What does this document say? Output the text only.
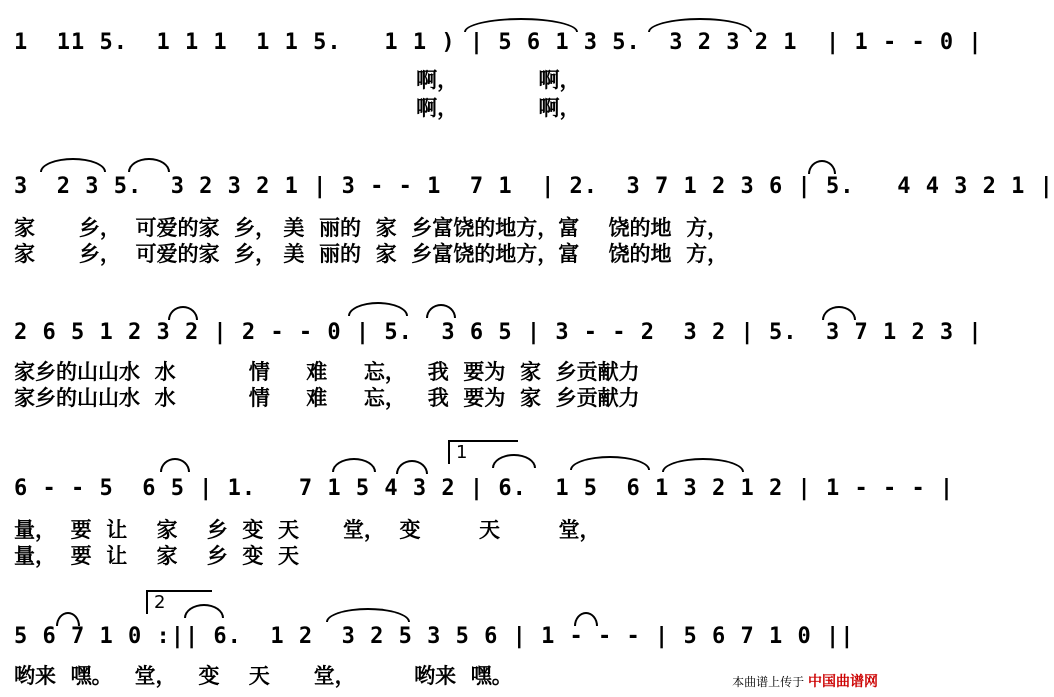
1  11 5.  1 1 1  1 1 5.   1 1 ) | 5 6 1 3 5.  3 2 3 2 1  | 1 - - 0 |
啊，           啊，
啊，           啊，
3  2 3 5.  3 2 3 2 1 | 3 - - 1  7 1  | 2.  3 7 1 2 3 6 | 5.   4 4 3 2 1 |
家      乡，  可爱的家  乡， 美  丽的  家  乡富饶的地方，富    饶的地  方，
家      乡，  可爱的家  乡， 美  丽的  家  乡富饶的地方，富    饶的地  方，
2 6 5 1 2 3 2 | 2 - - 0 | 5.  3 6 5 | 3 - - 2  3 2 | 5.  3 7 1 2 3 |
家乡的山山水  水          情     难     忘，   我  要为  家  乡贡献力
家乡的山山水  水          情     难     忘，   我  要为  家  乡贡献力
1
6 - - 5  6 5 | 1.   7 1 5 4 3 2 | 6.  1 5  6 1 3 2 1 2 | 1 - - - |
量，  要  让    家    乡  变  天      堂，  变        天        堂，
量，  要  让    家    乡  变  天
2
5 6 7 1 0 :|| 6.  1 2  3 2 5 3 5 6 | 1 - - - | 5 6 7 1 0 ||
哟来  嘿。   堂，   变    天      堂，        哟来  嘿。	本曲谱上传于 中国曲谱网
